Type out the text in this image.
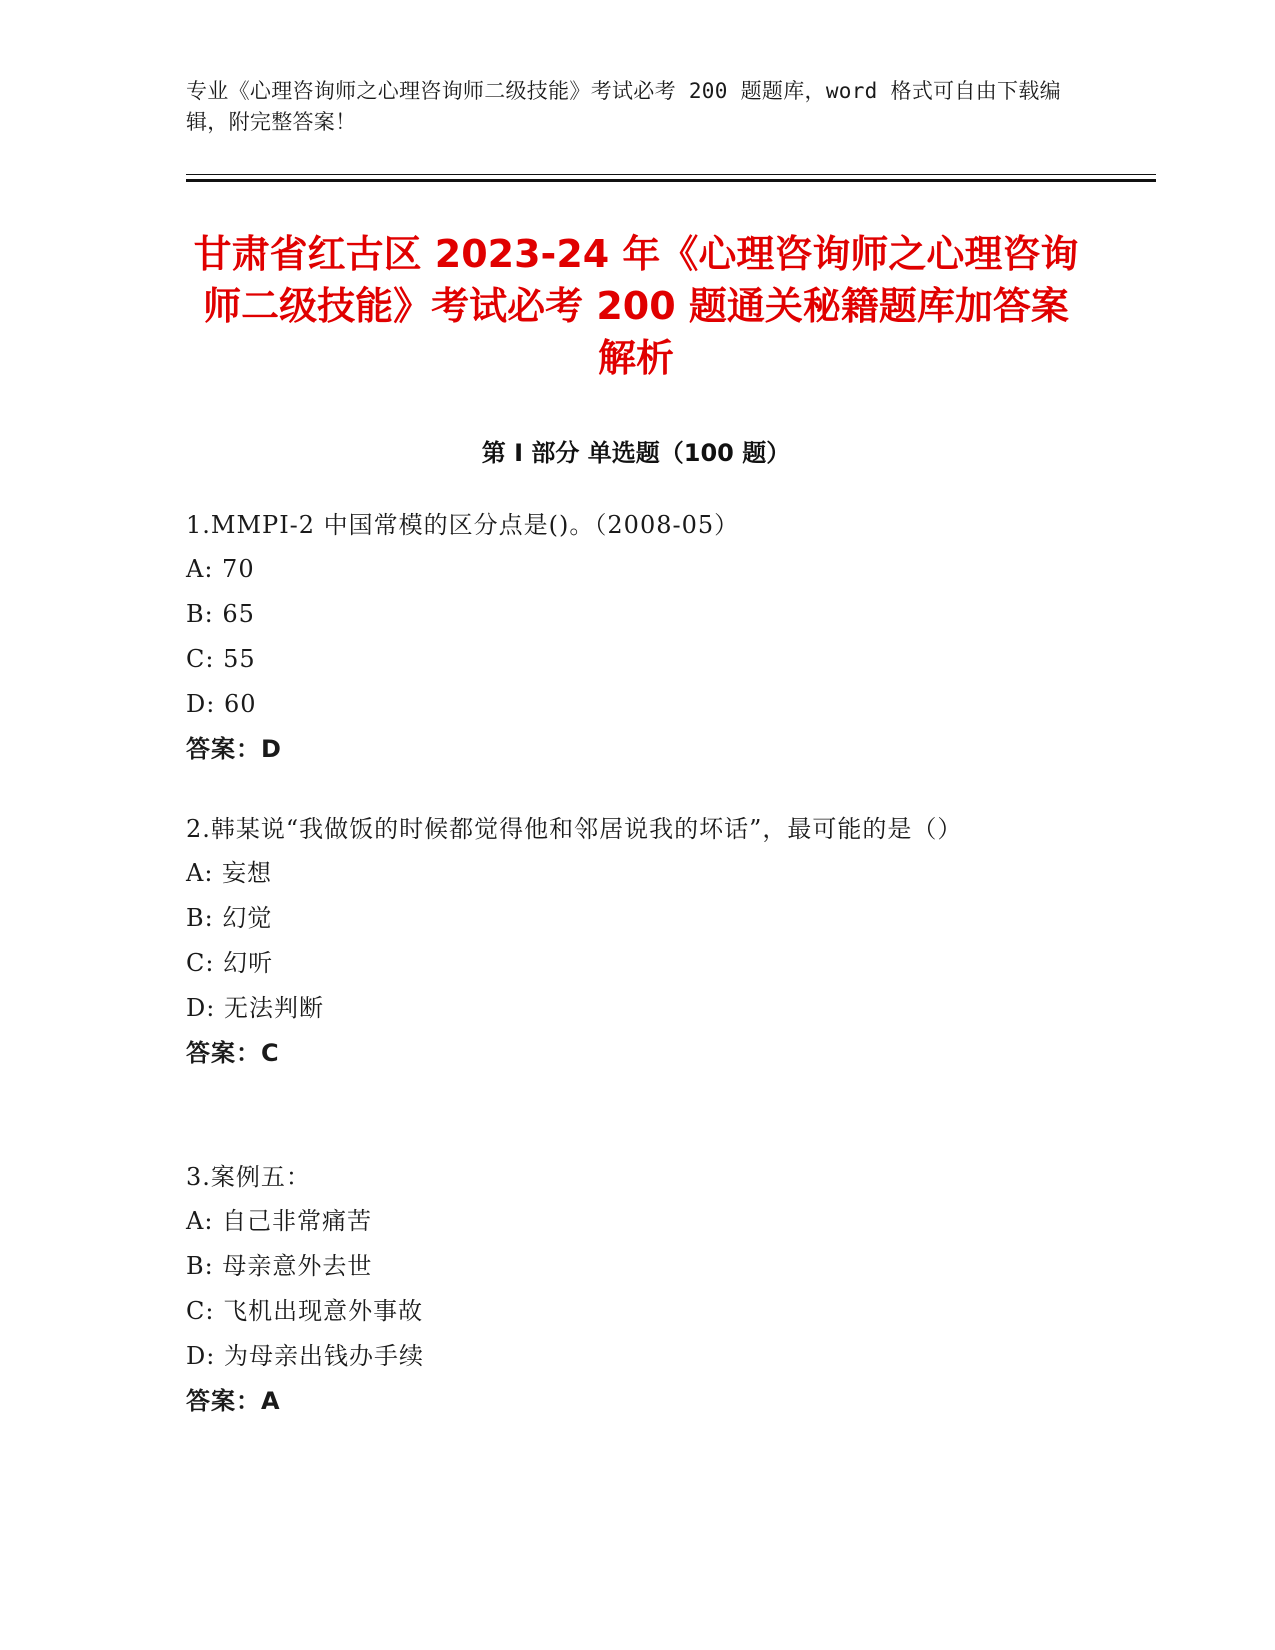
专业《心理咨询师之心理咨询师二级技能》考试必考 200 题题库，word 格式可自由下载编辑，附完整答案！
甘肃省红古区 2023-24 年《心理咨询师之心理咨询师二级技能》考试必考 200 题通关秘籍题库加答案解析
第 I 部分 单选题（100 题）
1.MMPI-2 中国常模的区分点是()。（2008-05）
A: 70
B: 65
C: 55
D: 60
答案：D
2.韩某说“我做饭的时候都觉得他和邻居说我的坏话”，最可能的是（）
A: 妄想
B: 幻觉
C: 幻听
D: 无法判断
答案：C
3.案例五：
A: 自己非常痛苦
B: 母亲意外去世
C: 飞机出现意外事故
D: 为母亲出钱办手续
答案：A
